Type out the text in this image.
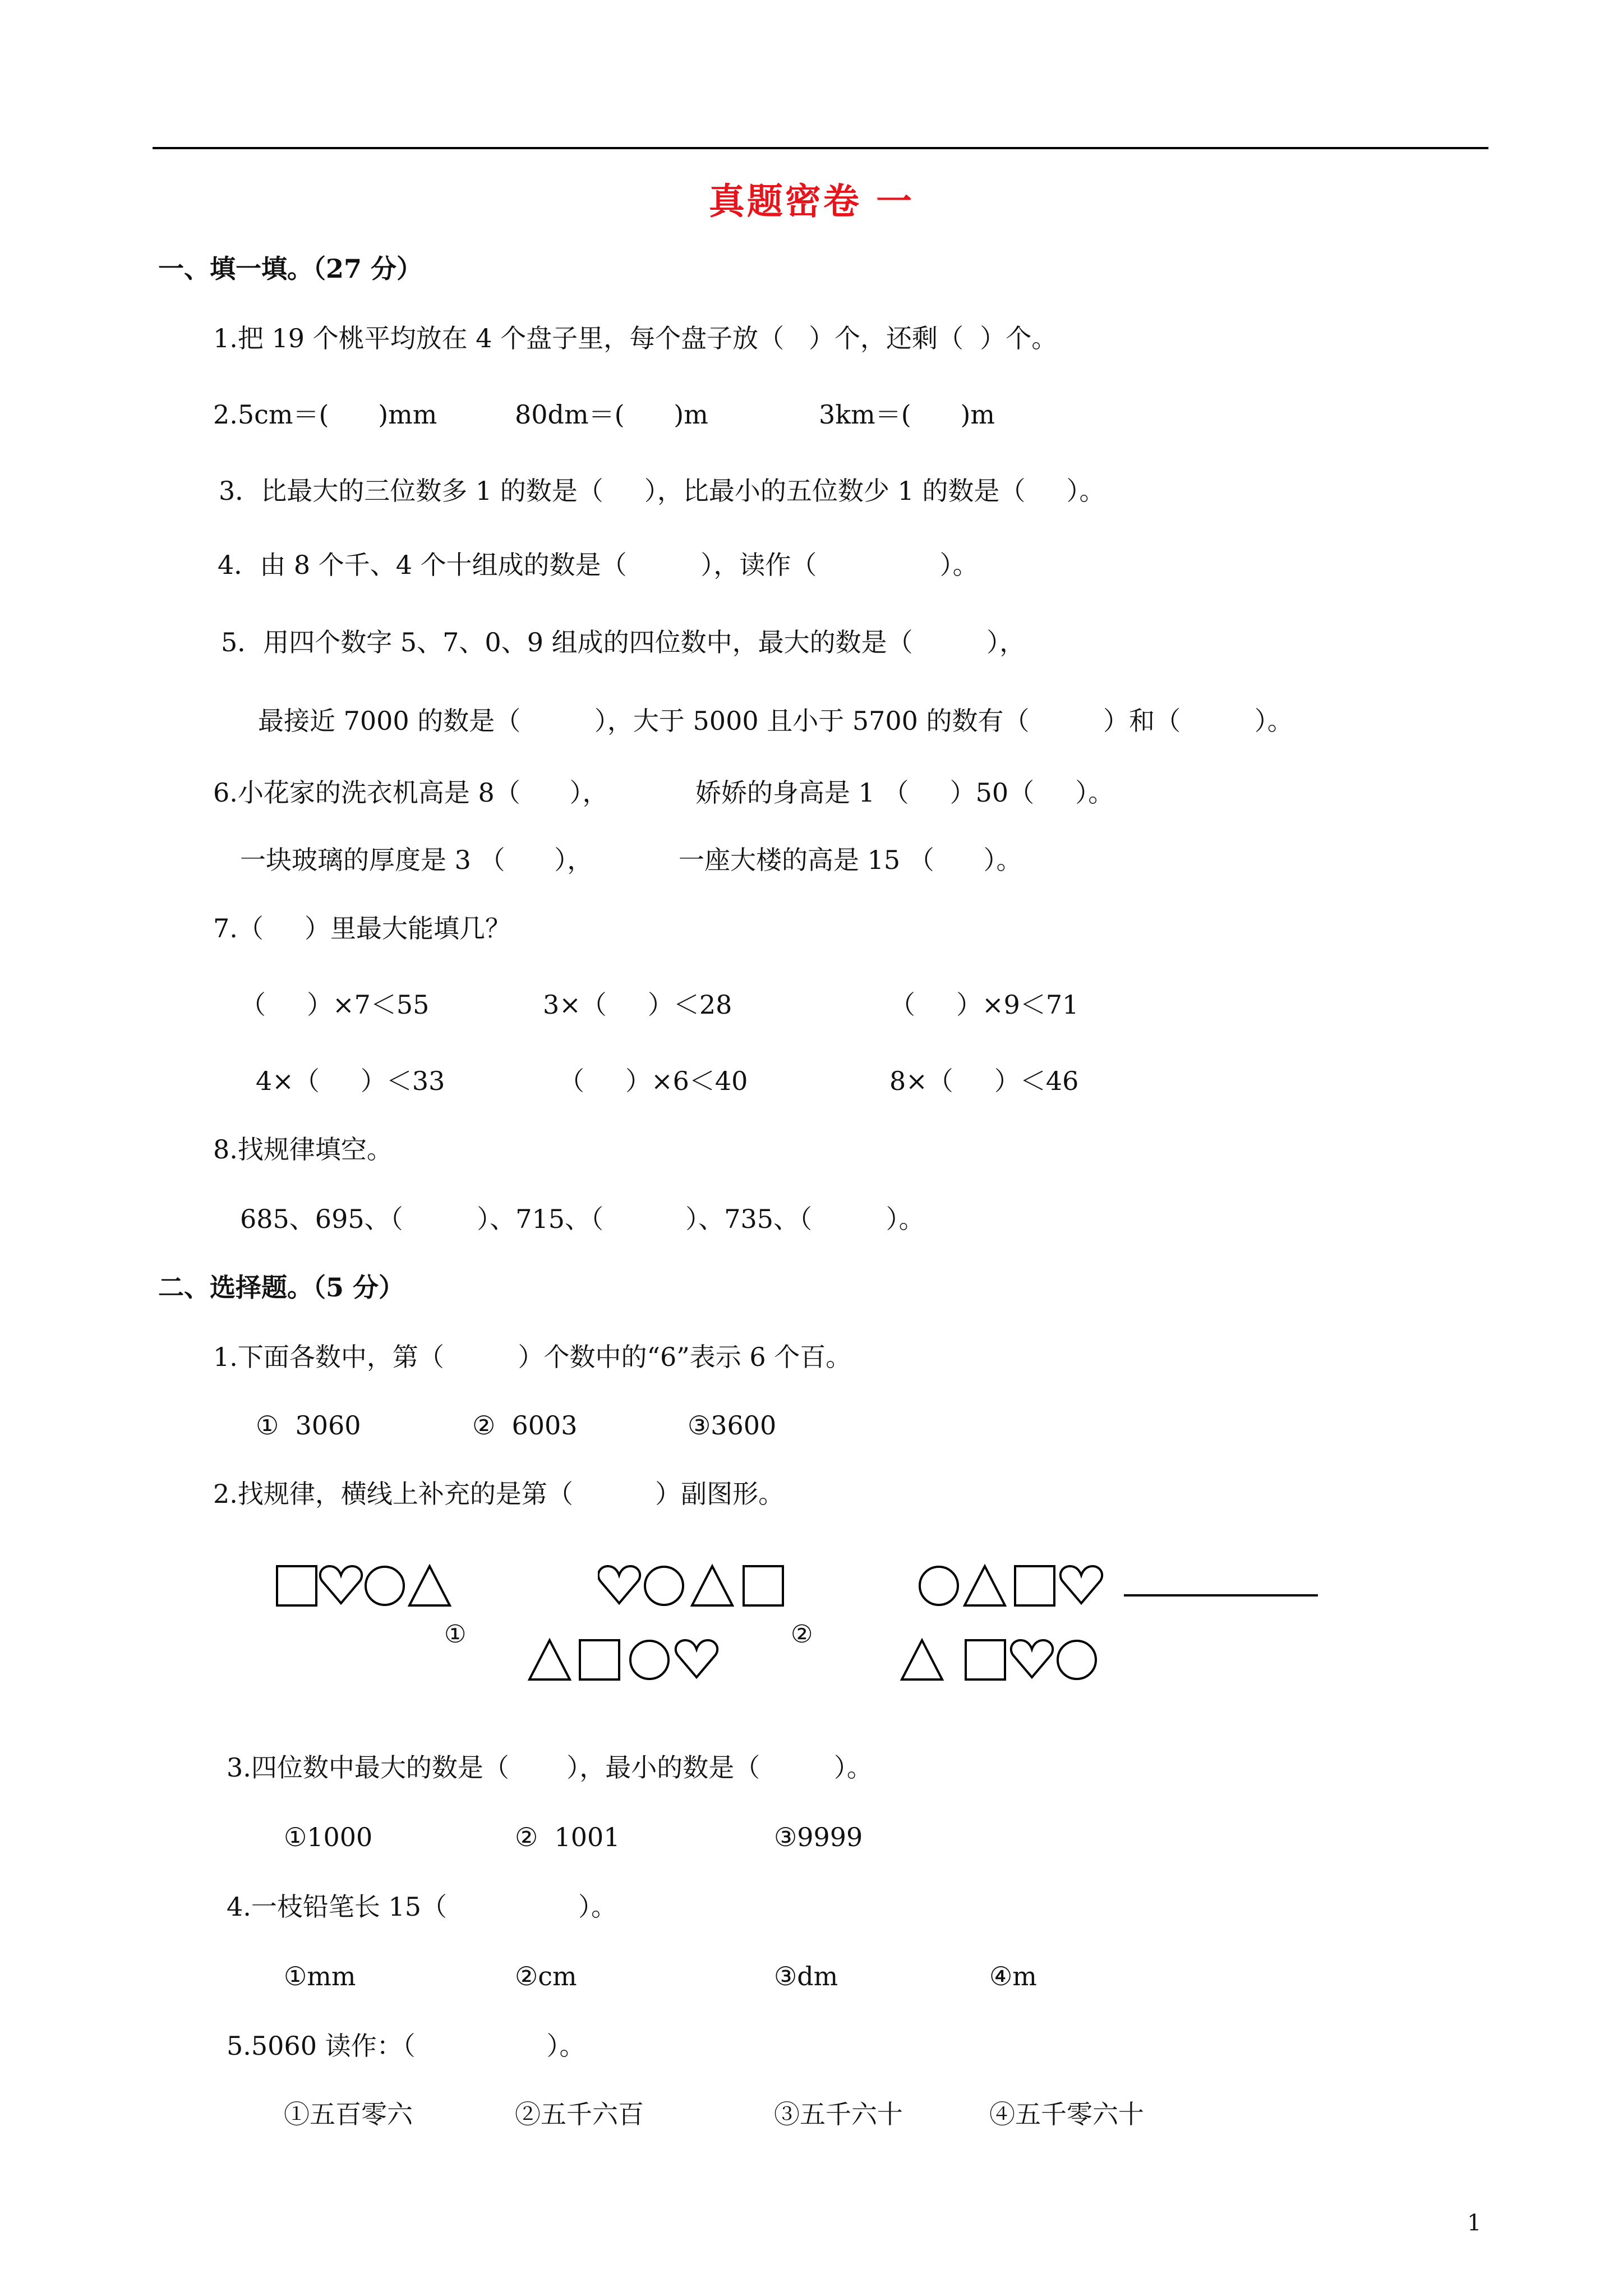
真题密卷 一
一、填一填。（27 分）
1.把 19 个桃平均放在 4 个盘子里，每个盘子放（   ）个，还剩（  ）个。
2.5cm＝(      )mm	80dm＝(      )m	3km＝(      )m
3．比最大的三位数多 1 的数是（     ），比最小的五位数少 1 的数是（     ）。
4．由 8 个千、4 个十组成的数是（         ），读作（               ）。
5．用四个数字 5、7、0、9 组成的四位数中，最大的数是（         ），
最接近 7000 的数是（         ），大于 5000 且小于 5700 的数有（         ）和（         ）。
6.小花家的洗衣机高是 8（      ），	娇娇的身高是 1 （     ）50（     ）。
一块玻璃的厚度是 3 （      ），	一座大楼的高是 15 （      ）。
7.（     ）里最大能填几？
（     ）×7＜55	3×（     ）＜28	（     ）×9＜71
4×（     ）＜33	（     ）×6＜40	8×（     ）＜46
8.找规律填空。
685、695、（         ）、715、（          ）、735、（         ）。
二、选择题。（5 分）
1.下面各数中，第（         ）个数中的“6”表示 6 个百。
①  3060	②  6003	③3600
2.找规律，横线上补充的是第（          ）副图形。
①	②
3.四位数中最大的数是（       ），最小的数是（         ）。
①1000	②  1001	③9999
4.一枝铅笔长 15（                ）。
①mm	②cm	③dm	④m
5.5060 读作：（                ）。
①五百零六	②五千六百	③五千六十	④五千零六十
1
